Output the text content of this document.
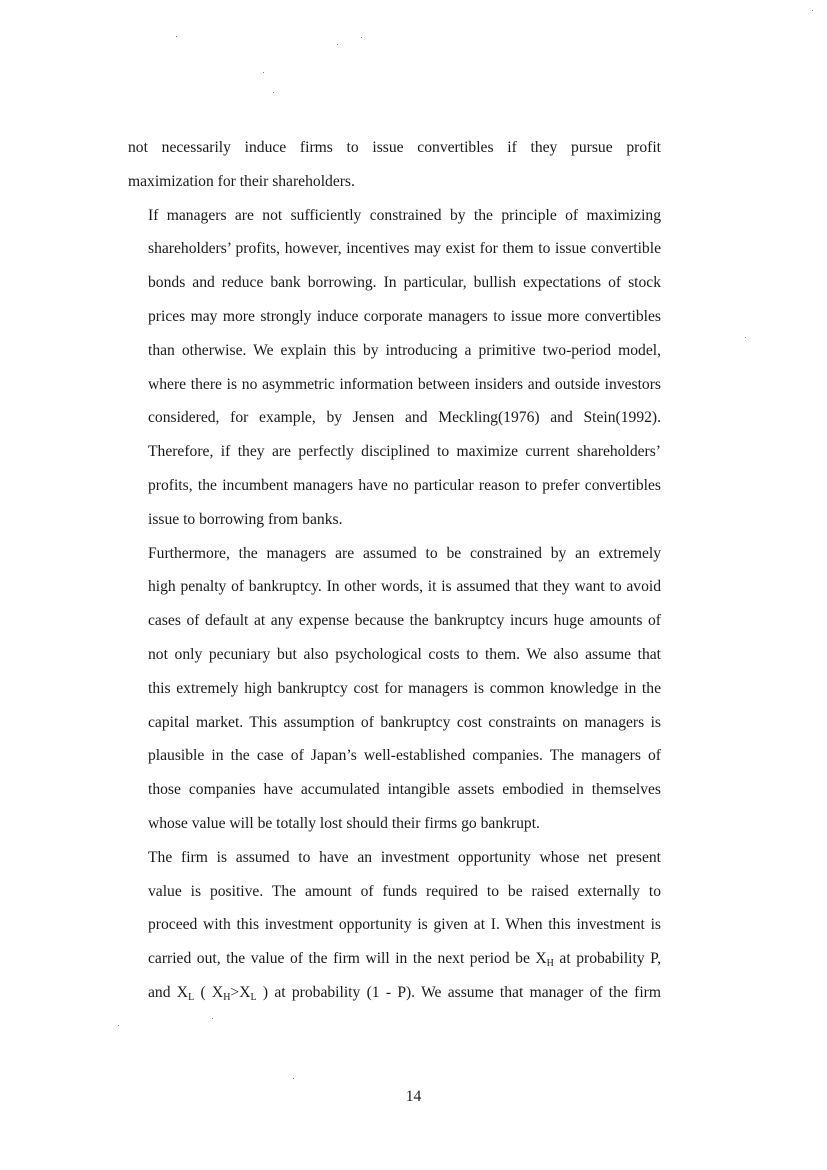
not necessarily induce firms to issue convertibles if they pursue profit
maximization for their shareholders.

If managers are not sufficiently constrained by the principle of maximizing
shareholders’ profits, however, incentives may exist for them to issue convertible
bonds and reduce bank borrowing. In particular, bullish expectations of stock
prices may more strongly induce corporate managers to issue more convertibles
than otherwise. We explain this by introducing a primitive two-period model,
where there is no asymmetric information between insiders and outside investors
considered, for example, by Jensen and Meckling(1976) and Stein(1992).
Therefore, if they are perfectly disciplined to maximize current shareholders’
profits, the incumbent managers have no particular reason to prefer convertibles
issue to borrowing from banks.

Furthermore, the managers are assumed to be constrained by an extremely
high penalty of bankruptcy. In other words, it is assumed that they want to avoid
cases of default at any expense because the bankruptcy incurs huge amounts of
not only pecuniary but also psychological costs to them. We also assume that
this extremely high bankruptcy cost for managers is common knowledge in the
capital market. This assumption of bankruptcy cost constraints on managers is
plausible in the case of Japan’s well-established companies. The managers of
those companies have accumulated intangible assets embodied in themselves
whose value will be totally lost should their firms go bankrupt.

The firm is assumed to have an investment opportunity whose net present
value is positive. The amount of funds required to be raised externally to
proceed with this investment opportunity is given at I. When this investment is
carried out, the value of the firm will in the next period be $X_H$ at probability P,
and $X_L$ ( $X_H>X_L$ ) at probability (1 - P). We assume that manager of the firm

14
